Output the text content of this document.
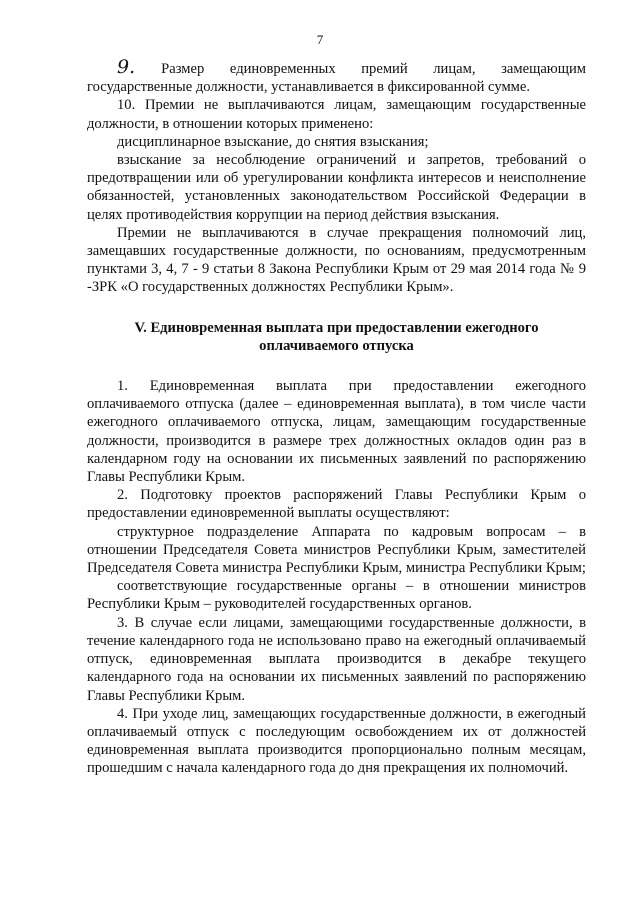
7

9. Размер единовременных премий лицам, замещающим государственные должности, устанавливается в фиксированной сумме.

10. Премии не выплачиваются лицам, замещающим государственные должности, в отношении которых применено:

дисциплинарное взыскание, до снятия взыскания;

взыскание за несоблюдение ограничений и запретов, требований о предотвращении или об урегулировании конфликта интересов и неисполнение обязанностей, установленных законодательством Российской Федерации в целях противодействия коррупции на период действия взыскания.

Премии не выплачиваются в случае прекращения полномочий лиц, замещавших государственные должности, по основаниям, предусмотренным пунктами 3, 4, 7 - 9 статьи 8 Закона Республики Крым от 29 мая 2014 года № 9 -ЗРК «О государственных должностях Республики Крым».

V. Единовременная выплата при предоставлении ежегодного оплачиваемого отпуска

1. Единовременная выплата при предоставлении ежегодного оплачиваемого отпуска (далее – единовременная выплата), в том числе части ежегодного оплачиваемого отпуска, лицам, замещающим государственные должности, производится в размере трех должностных окладов один раз в календарном году на основании их письменных заявлений по распоряжению Главы Республики Крым.

2. Подготовку проектов распоряжений Главы Республики Крым о предоставлении единовременной выплаты осуществляют:

структурное подразделение Аппарата по кадровым вопросам – в отношении Председателя Совета министров Республики Крым, заместителей Председателя Совета министра Республики Крым, министра Республики Крым;

соответствующие государственные органы – в отношении министров Республики Крым – руководителей государственных органов.

3. В случае если лицами, замещающими государственные должности, в течение календарного года не использовано право на ежегодный оплачиваемый отпуск, единовременная выплата производится в декабре текущего календарного года на основании их письменных заявлений по распоряжению Главы Республики Крым.

4. При уходе лиц, замещающих государственные должности, в ежегодный оплачиваемый отпуск с последующим освобождением их от должностей единовременная выплата производится пропорционально полным месяцам, прошедшим с начала календарного года до дня прекращения их полномочий.
